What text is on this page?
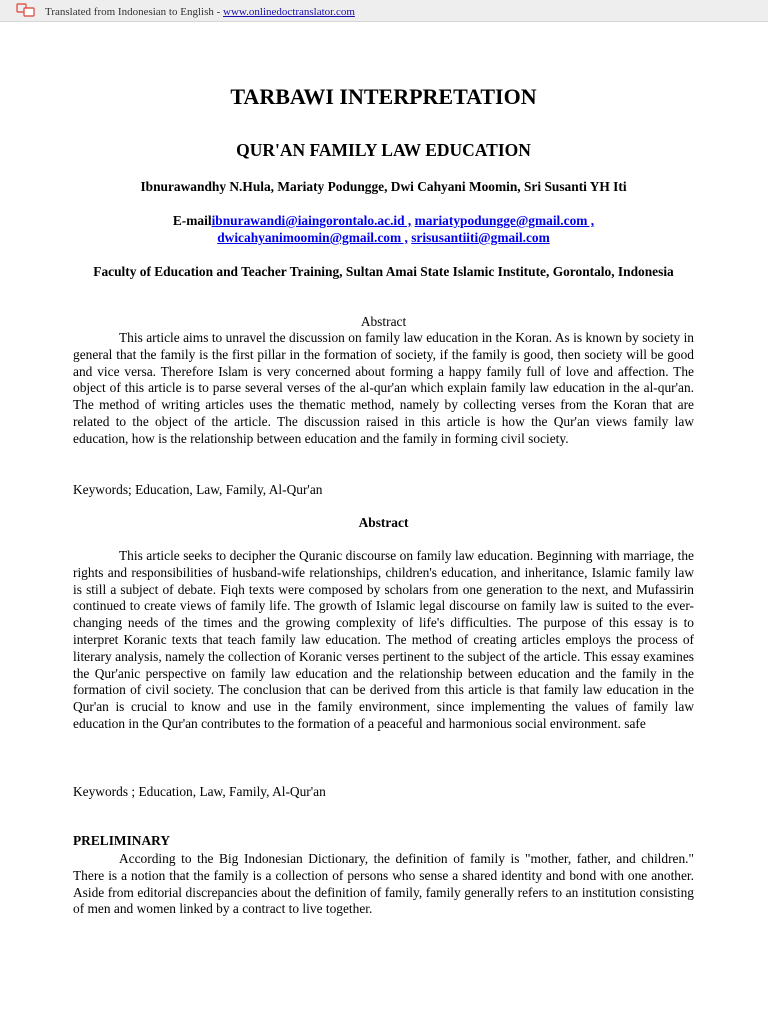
Translated from Indonesian to English - www.onlinedoctranslator.com
TARBAWI INTERPRETATION
QUR'AN FAMILY LAW EDUCATION
Ibnurawandhy N.Hula, Mariaty Podungge, Dwi Cahyani Moomin, Sri Susanti YH Iti
E-mailibnurawandi@iaingorontalo.ac.id , mariatypodungge@gmail.com ,
dwicahyanimoomin@gmail.com , srisusantiiti@gmail.com
Faculty of Education and Teacher Training, Sultan Amai State Islamic Institute, Gorontalo, Indonesia
Abstract

This article aims to unravel the discussion on family law education in the Koran. As is known by society in general that the family is the first pillar in the formation of society, if the family is good, then society will be good and vice versa. Therefore Islam is very concerned about forming a happy family full of love and affection. The object of this article is to parse several verses of the al-qur'an which explain family law education in the al-qur'an. The method of writing articles uses the thematic method, namely by collecting verses from the Koran that are related to the object of the article. The discussion raised in this article is how the Qur'an views family law education, how is the relationship between education and the family in forming civil society.

Keywords; Education, Law, Family, Al-Qur'an
Abstract

This article seeks to decipher the Quranic discourse on family law education. Beginning with marriage, the rights and responsibilities of husband-wife relationships, children's education, and inheritance, Islamic family law is still a subject of debate. Fiqh texts were composed by scholars from one generation to the next, and Mufassirin continued to create views of family life. The growth of Islamic legal discourse on family law is suited to the ever-changing needs of the times and the growing complexity of life's difficulties. The purpose of this essay is to interpret Koranic texts that teach family law education. The method of creating articles employs the process of literary analysis, namely the collection of Koranic verses pertinent to the subject of the article. This essay examines the Qur'anic perspective on family law education and the relationship between education and the family in the formation of civil society. The conclusion that can be derived from this article is that family law education in the Qur'an is crucial to know and use in the family environment, since implementing the values of family law education in the Qur'an contributes to the formation of a peaceful and harmonious social environment. safe

Keywords ; Education, Law, Family, Al-Qur'an
PRELIMINARY

According to the Big Indonesian Dictionary, the definition of family is "mother, father, and children." There is a notion that the family is a collection of persons who sense a shared identity and bond with one another. Aside from editorial discrepancies about the definition of family, family generally refers to an institution consisting of men and women linked by a contract to live together.
